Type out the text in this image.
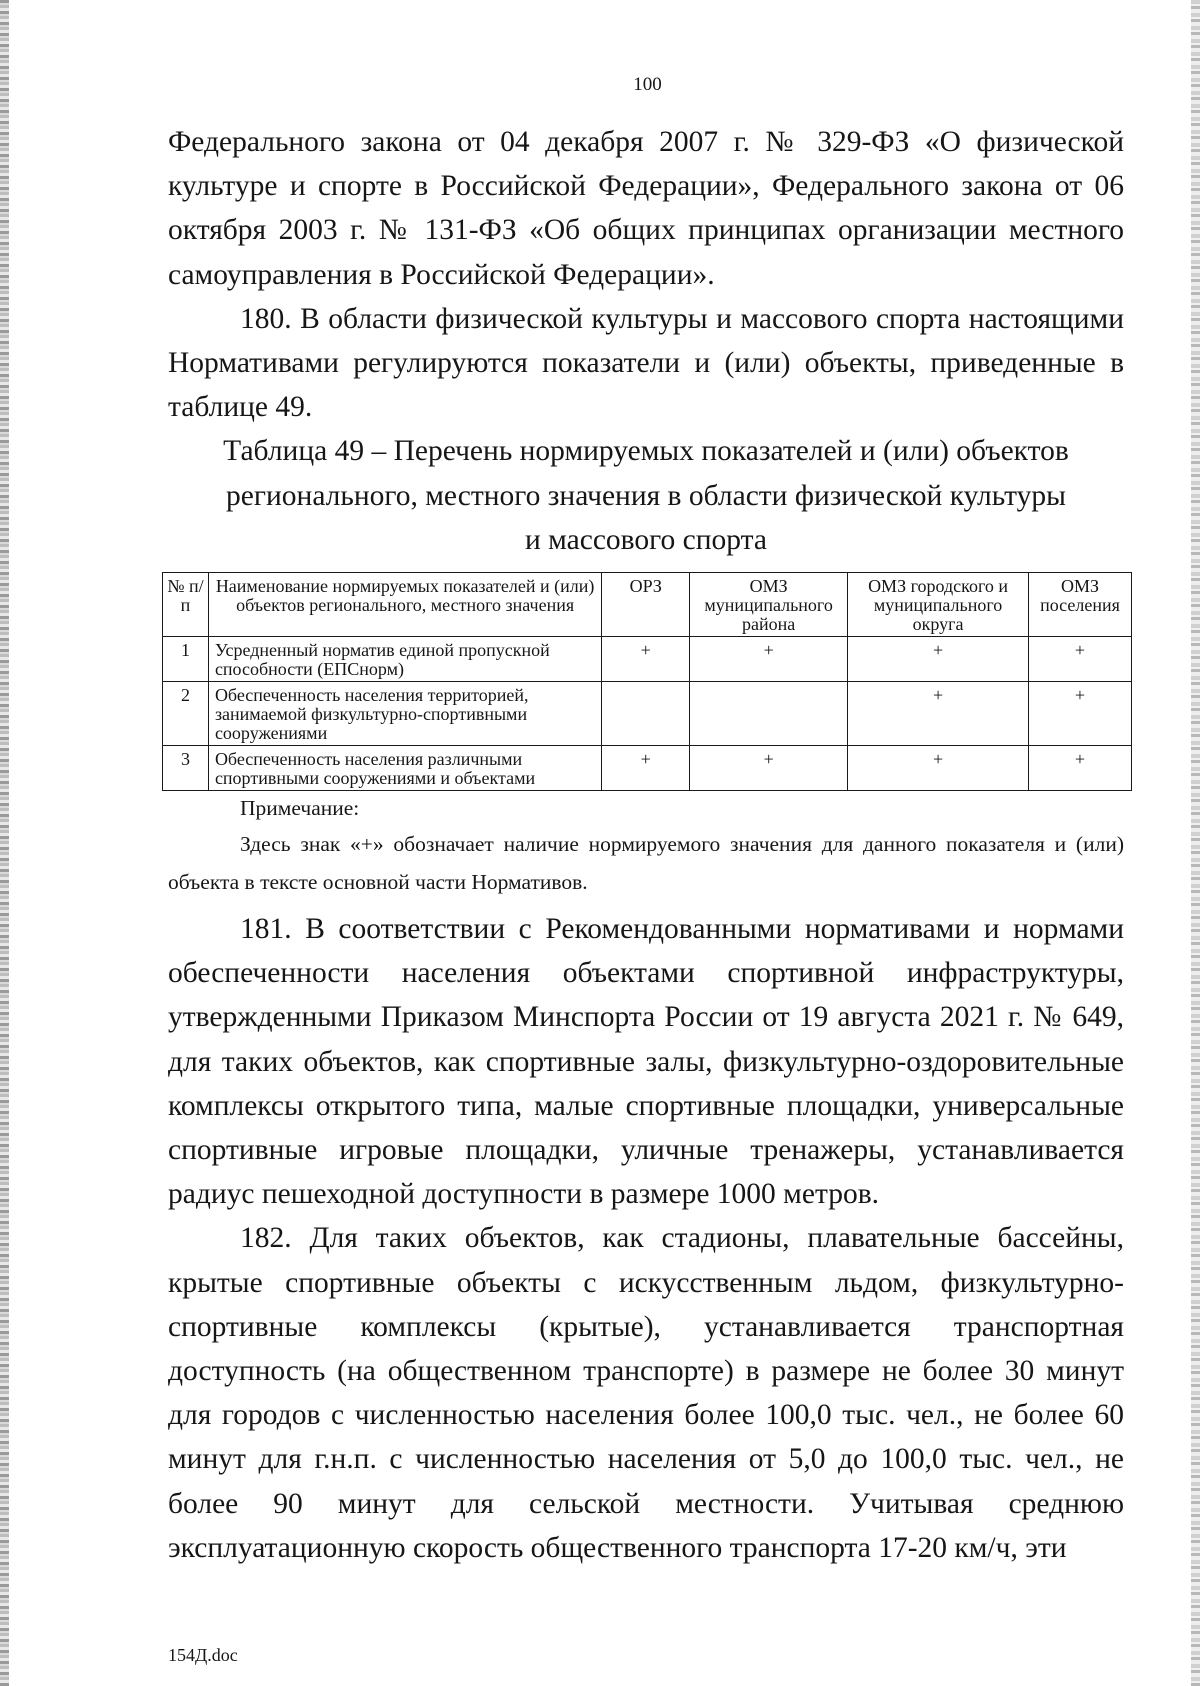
100

Федерального закона от 04 декабря 2007 г. № 329-ФЗ «О физической культуре и спорте в Российской Федерации», Федерального закона от 06 октября 2003 г. № 131-ФЗ «Об общих принципах организации местного самоуправления в Российской Федерации».

180. В области физической культуры и массового спорта настоящими Нормативами регулируются показатели и (или) объекты, приведенные в таблице 49.

Таблица 49 – Перечень нормируемых показателей и (или) объектов
регионального, местного значения в области физической культуры
и массового спорта
№ п/п	Наименование нормируемых показателей и (или) объектов регионального, местного значения	ОРЗ	ОМЗ муниципального района	ОМЗ городского и муниципального округа	ОМЗ поселения
1	Усредненный норматив единой пропускной способности (ЕПСнорм)	+	+	+	+
2	Обеспеченность населения территорией, занимаемой физкультурно-спортивными сооружениями			+	+
3	Обеспеченность населения различными спортивными сооружениями и объектами	+	+	+	+
Примечание:

Здесь знак «+» обозначает наличие нормируемого значения для данного показателя и (или) объекта в тексте основной части Нормативов.

181. В соответствии с Рекомендованными нормативами и нормами обеспеченности населения объектами спортивной инфраструктуры, утвержденными Приказом Минспорта России от 19 августа 2021 г. № 649, для таких объектов, как спортивные залы, физкультурно-оздоровительные комплексы открытого типа, малые спортивные площадки, универсальные спортивные игровые площадки, уличные тренажеры, устанавливается радиус пешеходной доступности в размере 1000 метров.

182. Для таких объектов, как стадионы, плавательные бассейны, крытые спортивные объекты с искусственным льдом, физкультурно-спортивные комплексы (крытые), устанавливается транспортная доступность (на общественном транспорте) в размере не более 30 минут для городов с численностью населения более 100,0 тыс. чел., не более 60 минут для г.н.п. с численностью населения от 5,0 до 100,0 тыс. чел., не более 90 минут для сельской местности. Учитывая среднюю эксплуатационную скорость общественного транспорта 17-20 км/ч, эти

154Д.doc
